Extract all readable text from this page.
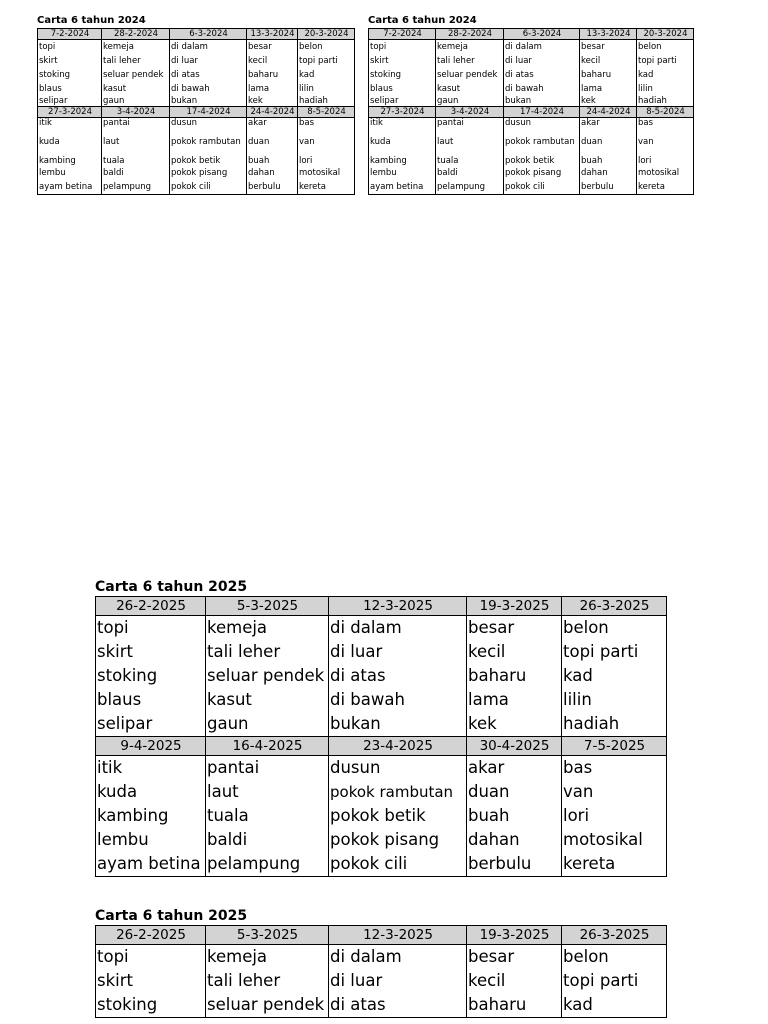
Carta 6 tahun 2024
7-2-2024	28-2-2024	6-3-2024	13-3-2024	20-3-2024
topi	kemeja	di dalam	besar	belon
skirt	tali leher	di luar	kecil	topi parti
stoking	seluar pendek	di atas	baharu	kad
blaus	kasut	di bawah	lama	lilin
selipar	gaun	bukan	kek	hadiah
27-3-2024	3-4-2024	17-4-2024	24-4-2024	8-5-2024
itik	pantai	dusun	akar	bas
kuda	laut	pokok rambutan	duan	van
kambing	tuala	pokok betik	buah	lori
lembu	baldi	pokok pisang	dahan	motosikal
ayam betina	pelampung	pokok cili	berbulu	kereta
Carta 6 tahun 2024
7-2-2024	28-2-2024	6-3-2024	13-3-2024	20-3-2024
topi	kemeja	di dalam	besar	belon
skirt	tali leher	di luar	kecil	topi parti
stoking	seluar pendek	di atas	baharu	kad
blaus	kasut	di bawah	lama	lilin
selipar	gaun	bukan	kek	hadiah
27-3-2024	3-4-2024	17-4-2024	24-4-2024	8-5-2024
itik	pantai	dusun	akar	bas
kuda	laut	pokok rambutan	duan	van
kambing	tuala	pokok betik	buah	lori
lembu	baldi	pokok pisang	dahan	motosikal
ayam betina	pelampung	pokok cili	berbulu	kereta
Carta 6 tahun 2025
26-2-2025	5-3-2025	12-3-2025	19-3-2025	26-3-2025
topi	kemeja	di dalam	besar	belon
skirt	tali leher	di luar	kecil	topi parti
stoking	seluar pendek	di atas	baharu	kad
blaus	kasut	di bawah	lama	lilin
selipar	gaun	bukan	kek	hadiah
9-4-2025	16-4-2025	23-4-2025	30-4-2025	7-5-2025
itik	pantai	dusun	akar	bas
kuda	laut	pokok rambutan	duan	van
kambing	tuala	pokok betik	buah	lori
lembu	baldi	pokok pisang	dahan	motosikal
ayam betina	pelampung	pokok cili	berbulu	kereta
Carta 6 tahun 2025
26-2-2025	5-3-2025	12-3-2025	19-3-2025	26-3-2025
topi	kemeja	di dalam	besar	belon
skirt	tali leher	di luar	kecil	topi parti
stoking	seluar pendek	di atas	baharu	kad
